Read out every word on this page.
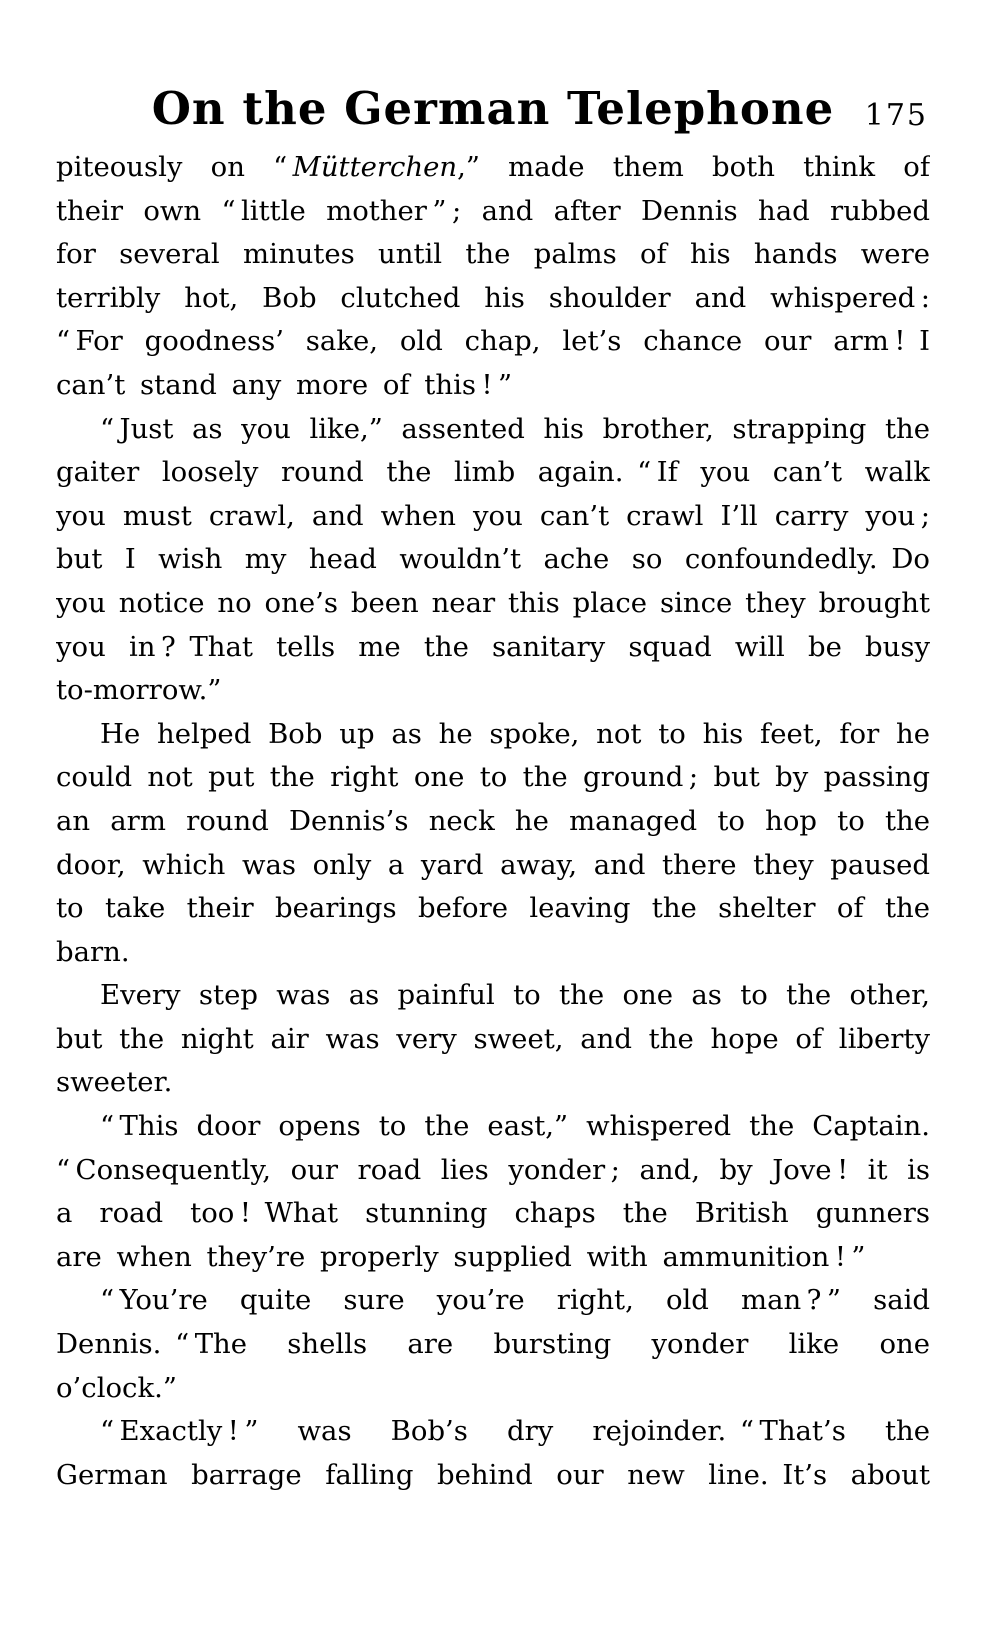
On the German Telephone	175
piteously on “ Mütterchen,” made them both think of
their own “ little mother ” ; and after Dennis had rubbed
for several minutes until the palms of his hands were
terribly hot, Bob clutched his shoulder and whispered :
“ For goodness’ sake, old chap, let’s chance our arm ! I
can’t stand any more of this ! ”
“ Just as you like,” assented his brother, strapping the
gaiter loosely round the limb again. “ If you can’t walk
you must crawl, and when you can’t crawl I’ll carry you ;
but I wish my head wouldn’t ache so confoundedly. Do
you notice no one’s been near this place since they brought
you in ? That tells me the sanitary squad will be busy
to-morrow.”
He helped Bob up as he spoke, not to his feet, for he
could not put the right one to the ground ; but by passing
an arm round Dennis’s neck he managed to hop to the
door, which was only a yard away, and there they paused
to take their bearings before leaving the shelter of the
barn.
Every step was as painful to the one as to the other,
but the night air was very sweet, and the hope of liberty
sweeter.
“ This door opens to the east,” whispered the Captain.
“ Consequently, our road lies yonder ; and, by Jove ! it is
a road too ! What stunning chaps the British gunners
are when they’re properly supplied with ammunition ! ”
“ You’re quite sure you’re right, old man ? ” said
Dennis. “ The shells are bursting yonder like one
o’clock.”
“ Exactly ! ” was Bob’s dry rejoinder. “ That’s the
German barrage falling behind our new line. It’s about
